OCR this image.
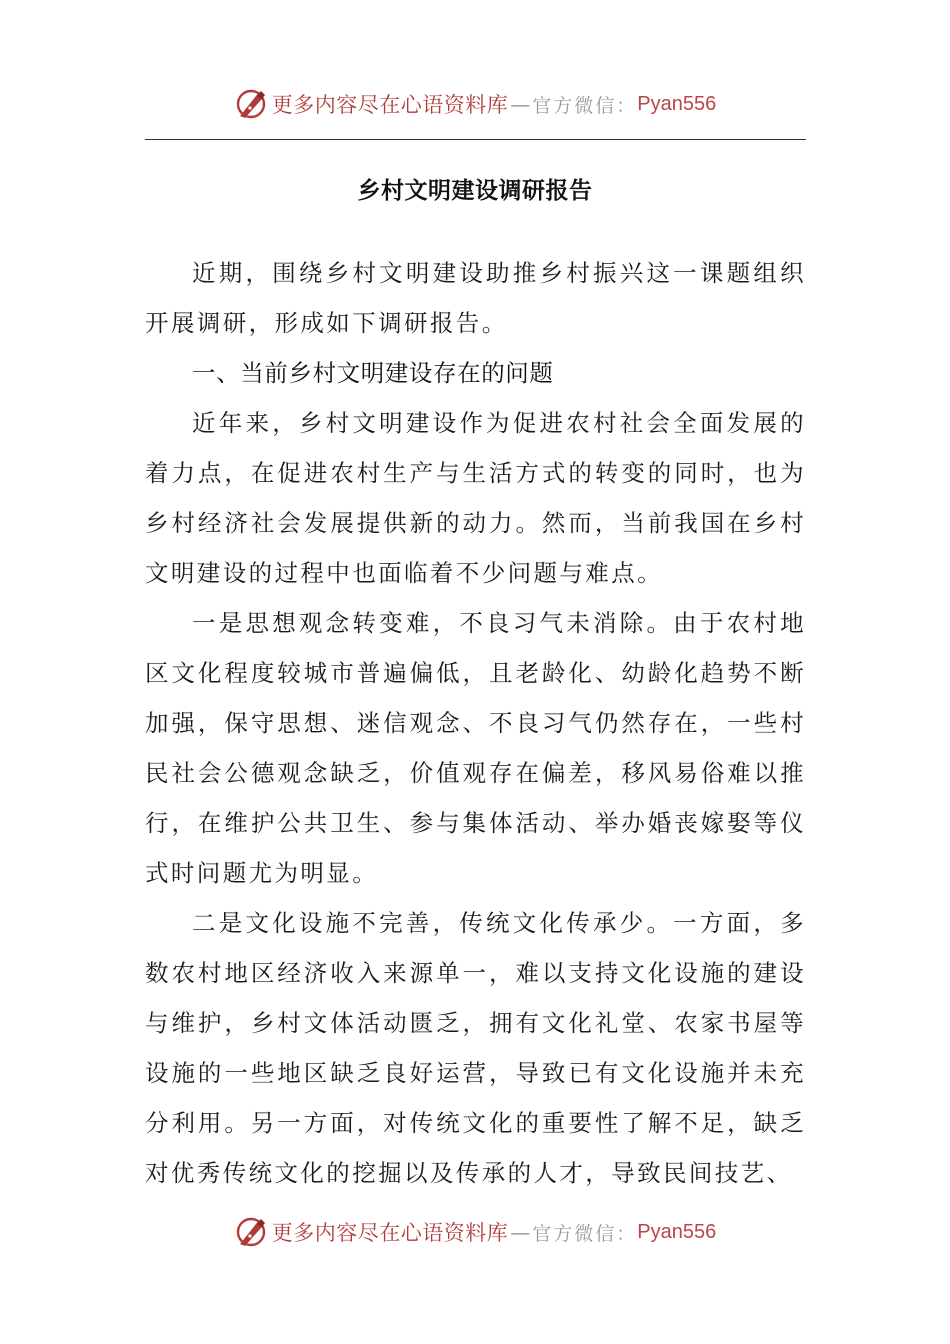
更多内容尽在心语资料库 — 官方微信： Pyan556
乡村文明建设调研报告

近期，围绕乡村文明建设助推乡村振兴这一课题组织开展调研，形成如下调研报告。

一、当前乡村文明建设存在的问题

近年来，乡村文明建设作为促进农村社会全面发展的着力点，在促进农村生产与生活方式的转变的同时，也为乡村经济社会发展提供新的动力。然而，当前我国在乡村文明建设的过程中也面临着不少问题与难点。

一是思想观念转变难，不良习气未消除。由于农村地区文化程度较城市普遍偏低，且老龄化、幼龄化趋势不断加强，保守思想、迷信观念、不良习气仍然存在，一些村民社会公德观念缺乏，价值观存在偏差，移风易俗难以推行，在维护公共卫生、参与集体活动、举办婚丧嫁娶等仪式时问题尤为明显。

二是文化设施不完善，传统文化传承少。一方面，多数农村地区经济收入来源单一，难以支持文化设施的建设与维护，乡村文体活动匮乏，拥有文化礼堂、农家书屋等设施的一些地区缺乏良好运营，导致已有文化设施并未充分利用。另一方面，对传统文化的重要性了解不足，缺乏对优秀传统文化的挖掘以及传承的人才，导致民间技艺、

更多内容尽在心语资料库 — 官方微信： Pyan556
